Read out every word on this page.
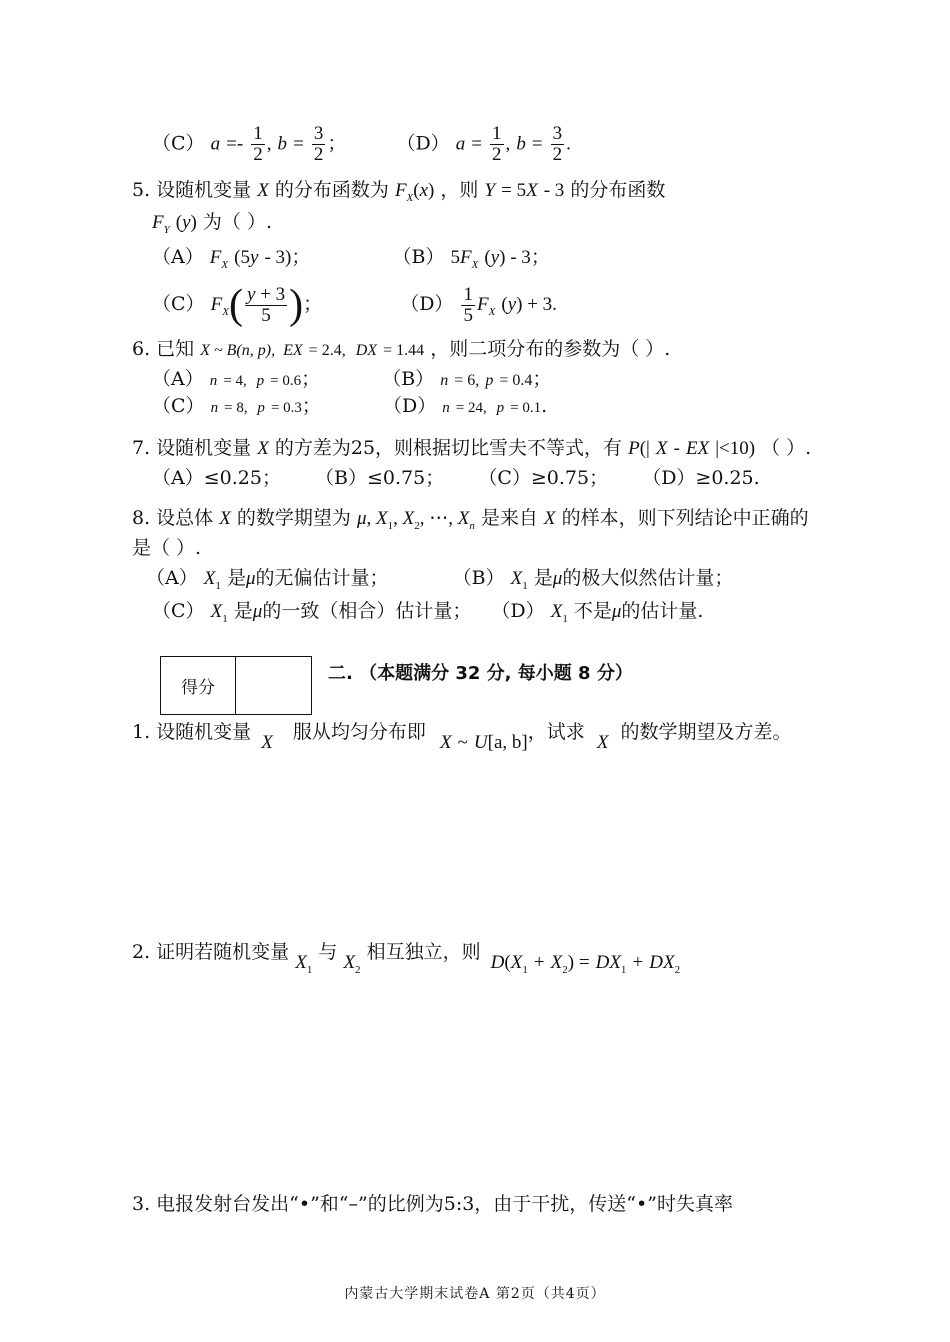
（C） $a =- \frac{1}{2}$ , $b = \frac{3}{2}$ ；	（D） $a = \frac{1}{2}$ , $b = \frac{3}{2}$ .
5. 设随机变量 X 的分布函数为 $F_X(x)$ ，则 Y = 5X - 3 的分布函数
$F_Y$ (y) 为（ ）.
（A） $F_X$ (5y - 3)；	（B） $5F_X$ (y) - 3；
（C） $F_X( \frac{y + 3}{5}$ )；	$(D) \frac{1}{5} F_X$ (y) + 3.
6. 已知 X ~ B(n, p),  EX = 2.4,  DX = 1.44 ，则二项分布的参数为（ ）.
（A） n = 4,  p = 0.6；	（B） n = 6, p = 0.4；
（C） n = 8,  p = 0.3；	（D） n = 24,  p = 0.1.
7. 设随机变量 X 的方差为25，则根据切比雪夫不等式，有 P(| X - EX |<10) （ ）.
（A）≤0.25； （B）≤0.75； （C）≥0.75； （D）≥0.25.
8. 设总体 X 的数学期望为 μ, $X_1$, $X_2$, ⋯, $X_n$ 是来自 X 的样本，则下列结论中正确的
是（ ）.
（A） $X_1$ 是μ的无偏估计量；	（B） $X_1$ 是μ的极大似然估计量；
（C） $X_1$ 是μ的一致（相合）估计量； （D） $X_1$ 不是μ的估计量.
得分
二. （本题满分 32 分, 每小题 8 分）
1. 设随机变量 X 服从均匀分布即 X ~ U[a, b]，试求 X 的数学期望及方差。
2. 证明若随机变量 $X_1$ 与 $X_2$ 相互独立，则 $D(X_1 + X_2) = DX_1 + DX_2$
3. 电报发射台发出“•”和“–”的比例为5:3，由于干扰，传送“•”时失真率
内蒙古大学期末试卷A 第2页（共4页）
